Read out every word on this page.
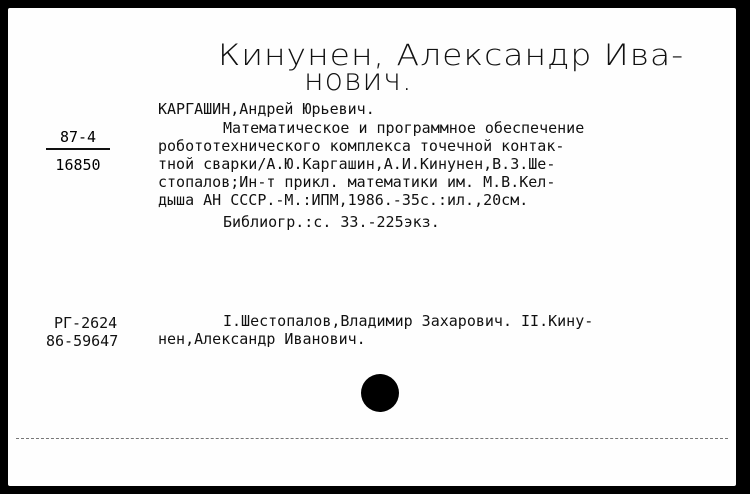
Кинунен, Александр Ива-
нович.
87-4
16850
КАРГАШИН,Андрей Юрьевич.
Математическое и программное обеспечение
робототехнического комплекса точечной контак-
тной сварки/А.Ю.Каргашин,А.И.Кинунен,В.З.Ше-
стопалов;Ин-т прикл. математики им. М.В.Кел-
дыша АН СССР.-М.:ИПМ,1986.-35с.:ил.,20см.
Библиогр.:с. 33.-225экз.
РГ-2624
86-59647
I.Шестопалов,Владимир Захарович. II.Кину-
нен,Александр Иванович.
